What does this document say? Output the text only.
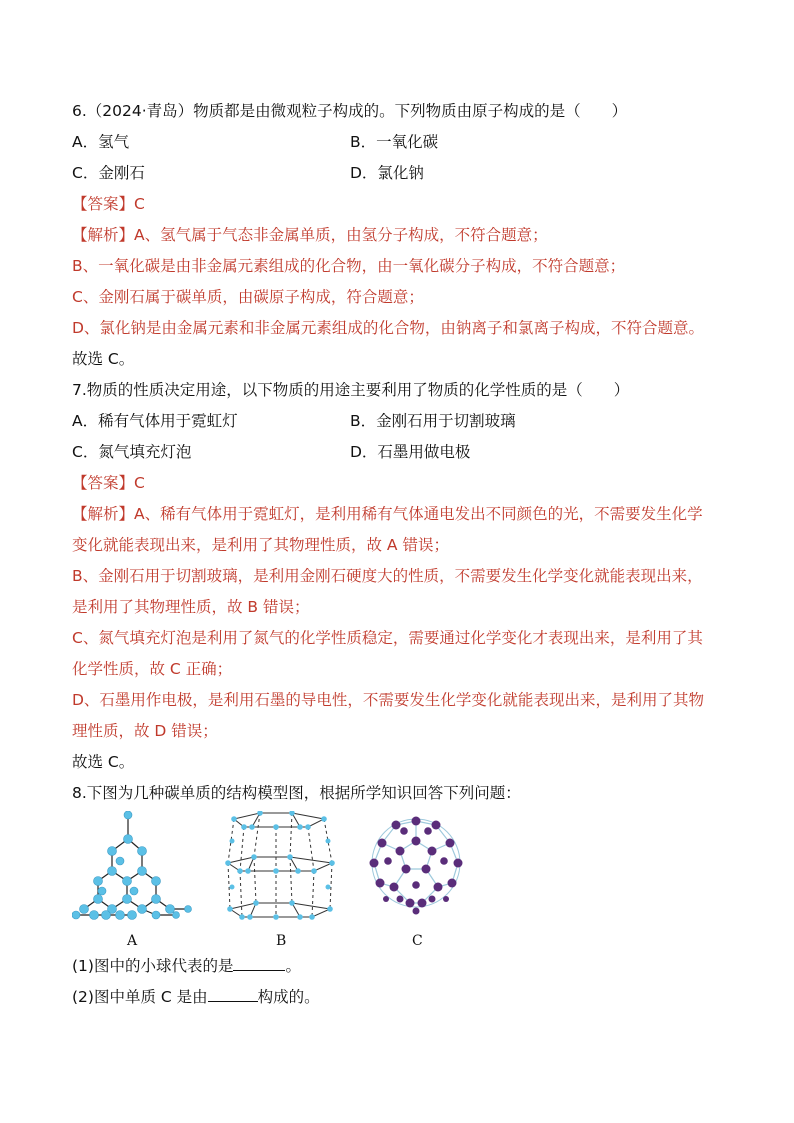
6.（2024·青岛）物质都是由微观粒子构成的。下列物质由原子构成的是（　　）
A．氢气	B．一氧化碳
C．金刚石	D．氯化钠
【答案】C
【解析】A、氢气属于气态非金属单质，由氢分子构成，不符合题意；
B、一氧化碳是由非金属元素组成的化合物，由一氧化碳分子构成，不符合题意；
C、金刚石属于碳单质，由碳原子构成，符合题意；
D、氯化钠是由金属元素和非金属元素组成的化合物，由钠离子和氯离子构成，不符合题意。
故选 C。
7.物质的性质决定用途，以下物质的用途主要利用了物质的化学性质的是（　　）
A．稀有气体用于霓虹灯	B．金刚石用于切割玻璃
C．氮气填充灯泡	D．石墨用做电极
【答案】C
【解析】A、稀有气体用于霓虹灯，是利用稀有气体通电发出不同颜色的光，不需要发生化学
变化就能表现出来，是利用了其物理性质，故 A 错误；
B、金刚石用于切割玻璃，是利用金刚石硬度大的性质，不需要发生化学变化就能表现出来，
是利用了其物理性质，故 B 错误；
C、氮气填充灯泡是利用了氮气的化学性质稳定，需要通过化学变化才表现出来，是利用了其
化学性质，故 C 正确；
D、石墨用作电极，是利用石墨的导电性，不需要发生化学变化就能表现出来，是利用了其物
理性质，故 D 错误；
故选 C。
8.下图为几种碳单质的结构模型图，根据所学知识回答下列问题：
A	B	C
(1)图中的小球代表的是	。
(2)图中单质 C 是由	构成的。
